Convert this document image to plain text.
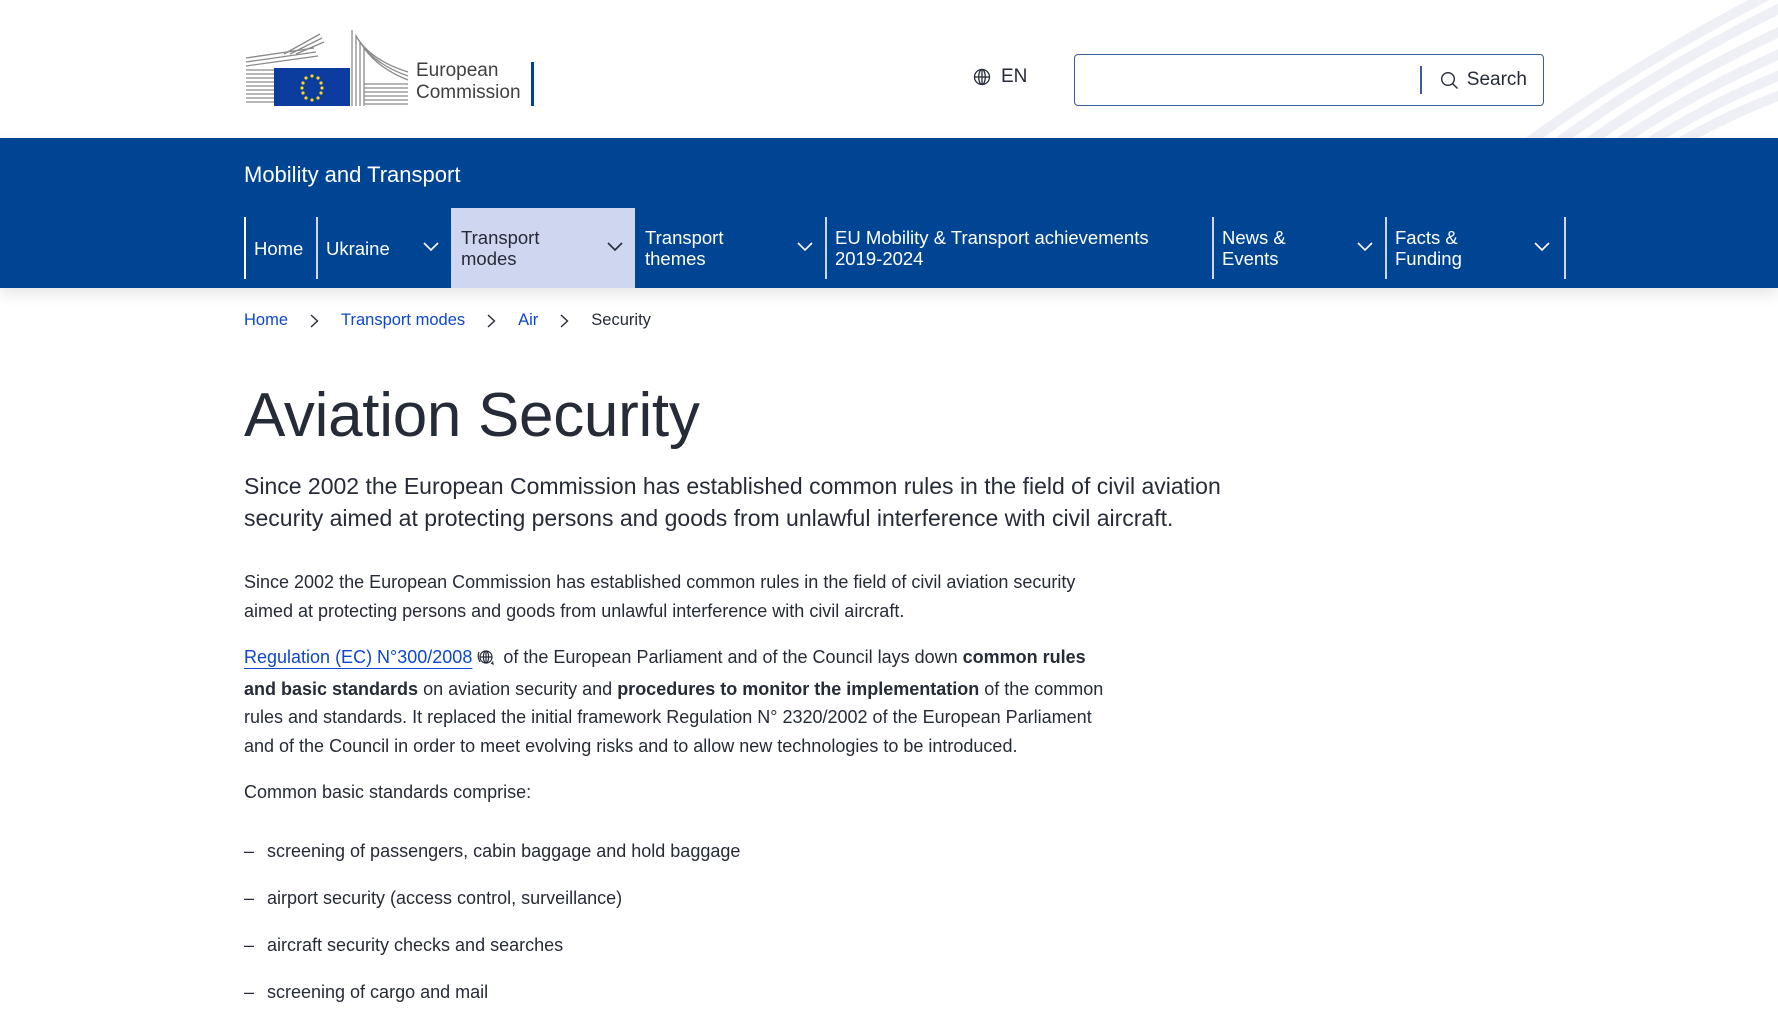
European
Commission
EN	Search
Mobility and Transport
Home Ukraine	Transport
modes
Transport
themes
EU Mobility & Transport achievements
2019-2024
News &
Events
Facts &
Funding
Home	Transport modes	Air	Security
Aviation Security

Since 2002 the European Commission has established common rules in the field of civil aviation security aimed at protecting persons and goods from unlawful interference with civil aircraft.

Since 2002 the European Commission has established common rules in the field of civil aviation security aimed at protecting persons and goods from unlawful interference with civil aircraft.

Regulation (EC) N°300/2008 of the European Parliament and of the Council lays down common rules and basic standards on aviation security and procedures to monitor the implementation of the common rules and standards. It replaced the initial framework Regulation N° 2320/2002 of the European Parliament and of the Council in order to meet evolving risks and to allow new technologies to be introduced.

Common basic standards comprise:

– screening of passengers, cabin baggage and hold baggage
– airport security (access control, surveillance)
– aircraft security checks and searches
– screening of cargo and mail
